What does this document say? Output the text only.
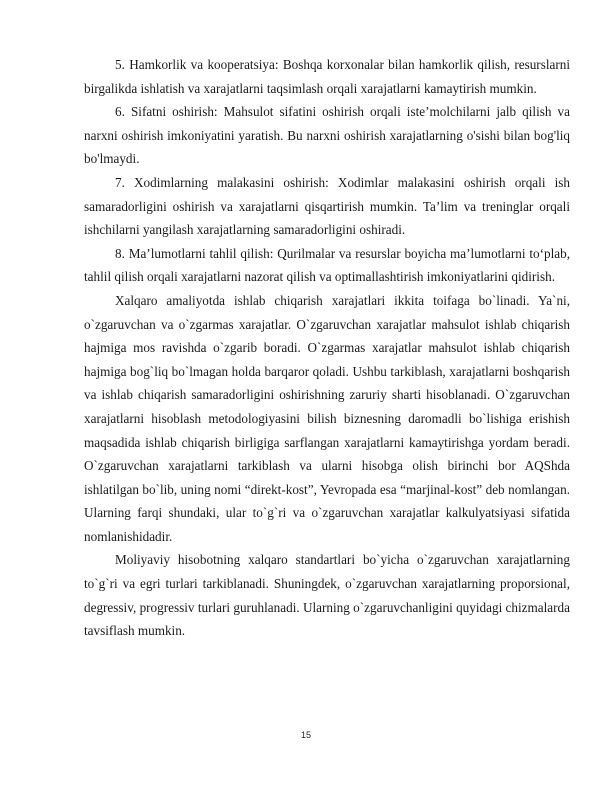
5. Hamkorlik va kooperatsiya: Boshqa korxonalar bilan hamkorlik qilish, resurslarni birgalikda ishlatish va xarajatlarni taqsimlash orqali xarajatlarni kamaytirish mumkin.

6. Sifatni oshirish: Mahsulot sifatini oshirish orqali iste’molchilarni jalb qilish va narxni oshirish imkoniyatini yaratish. Bu narxni oshirish xarajatlarning o'sishi bilan bog'liq bo'lmaydi.

7. Xodimlarning malakasini oshirish: Xodimlar malakasini oshirish orqali ish samaradorligini oshirish va xarajatlarni qisqartirish mumkin. Ta’lim va treninglar orqali ishchilarni yangilash xarajatlarning samaradorligini oshiradi.

8. Ma’lumotlarni tahlil qilish: Qurilmalar va resurslar boyicha ma’lumotlarni to‘plab, tahlil qilish orqali xarajatlarni nazorat qilish va optimallashtirish imkoniyatlarini qidirish.

Xalqaro amaliyotda ishlab chiqarish xarajatlari ikkita toifaga bo`linadi. Ya`ni, o`zgaruvchan va o`zgarmas xarajatlar. O`zgaruvchan xarajatlar mahsulot ishlab chiqarish hajmiga mos ravishda o`zgarib boradi. O`zgarmas xarajatlar mahsulot ishlab chiqarish hajmiga bog`liq bo`lmagan holda barqaror qoladi. Ushbu tarkiblash, xarajatlarni boshqarish va ishlab chiqarish samaradorligini oshirishning zaruriy sharti hisoblanadi. O`zgaruvchan xarajatlarni hisoblash metodologiyasini bilish biznesning daromadli bo`lishiga erishish maqsadida ishlab chiqarish birligiga sarflangan xarajatlarni kamaytirishga yordam beradi. O`zgaruvchan xarajatlarni tarkiblash va ularni hisobga olish birinchi bor AQShda ishlatilgan bo`lib, uning nomi “direkt-kost”, Yevropada esa “marjinal-kost” deb nomlangan. Ularning farqi shundaki, ular to`g`ri va o`zgaruvchan xarajatlar kalkulyatsiyasi sifatida nomlanishidadir.

Moliyaviy hisobotning xalqaro standartlari bo`yicha o`zgaruvchan xarajatlarning to`g`ri va egri turlari tarkiblanadi. Shuningdek, o`zgaruvchan xarajatlarning proporsional, degressiv, progressiv turlari guruhlanadi. Ularning o`zgaruvchanligini quyidagi chizmalarda tavsiflash mumkin.

15
